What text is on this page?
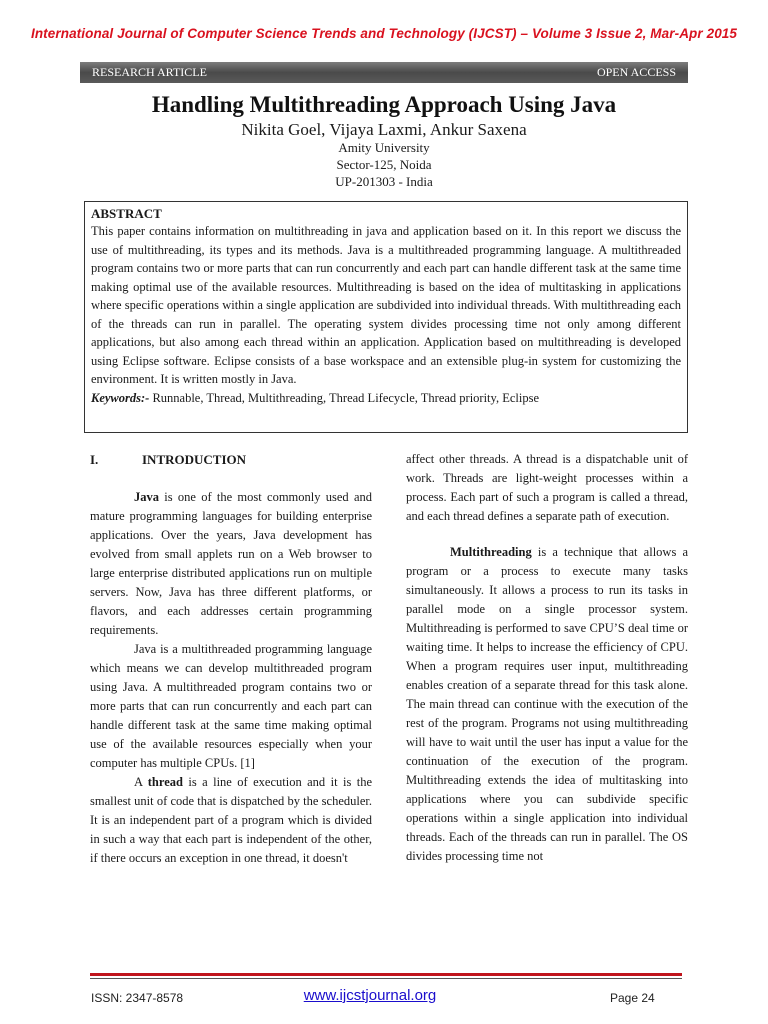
International Journal of Computer Science Trends and Technology (IJCST) – Volume 3 Issue 2, Mar-Apr 2015
RESEARCH ARTICLE	OPEN ACCESS
Handling Multithreading Approach Using Java
Nikita Goel, Vijaya Laxmi, Ankur Saxena
Amity University
Sector-125, Noida
UP-201303 - India
ABSTRACT
This paper contains information on multithreading in java and application based on it. In this report we discuss the use of multithreading, its types and its methods. Java is a multithreaded programming language. A multithreaded program contains two or more parts that can run concurrently and each part can handle different task at the same time making optimal use of the available resources. Multithreading is based on the idea of multitasking in applications where specific operations within a single application are subdivided into individual threads. With multithreading each of the threads can run in parallel. The operating system divides processing time not only among different applications, but also among each thread within an application. Application based on multithreading is developed using Eclipse software. Eclipse consists of a base workspace and an extensible plug-in system for customizing the environment. It is written mostly in Java.
Keywords:- Runnable, Thread, Multithreading, Thread Lifecycle, Thread priority, Eclipse
I.	INTRODUCTION

Java is one of the most commonly used and mature programming languages for building enterprise applications. Over the years, Java development has evolved from small applets run on a Web browser to large enterprise distributed applications run on multiple servers. Now, Java has three different platforms, or flavors, and each addresses certain programming requirements.

Java is a multithreaded programming language which means we can develop multithreaded program using Java. A multithreaded program contains two or more parts that can run concurrently and each part can handle different task at the same time making optimal use of the available resources especially when your computer has multiple CPUs. [1]

A thread is a line of execution and it is the smallest unit of code that is dispatched by the scheduler. It is an independent part of a program which is divided in such a way that each part is independent of the other, if there occurs an exception in one thread, it doesn't

affect other threads. A thread is a dispatchable unit of work. Threads are light-weight processes within a process. Each part of such a program is called a thread, and each thread defines a separate path of execution.

Multithreading is a technique that allows a program or a process to execute many tasks simultaneously. It allows a process to run its tasks in parallel mode on a single processor system. Multithreading is performed to save CPU’S deal time or waiting time. It helps to increase the efficiency of CPU. When a program requires user input, multithreading enables creation of a separate thread for this task alone. The main thread can continue with the execution of the rest of the program. Programs not using multithreading will have to wait until the user has input a value for the continuation of the execution of the program. Multithreading extends the idea of multitasking into applications where you can subdivide specific operations within a single application into individual threads. Each of the threads can run in parallel. The OS divides processing time not

ISSN: 2347-8578	www.ijcstjournal.org	Page 24
